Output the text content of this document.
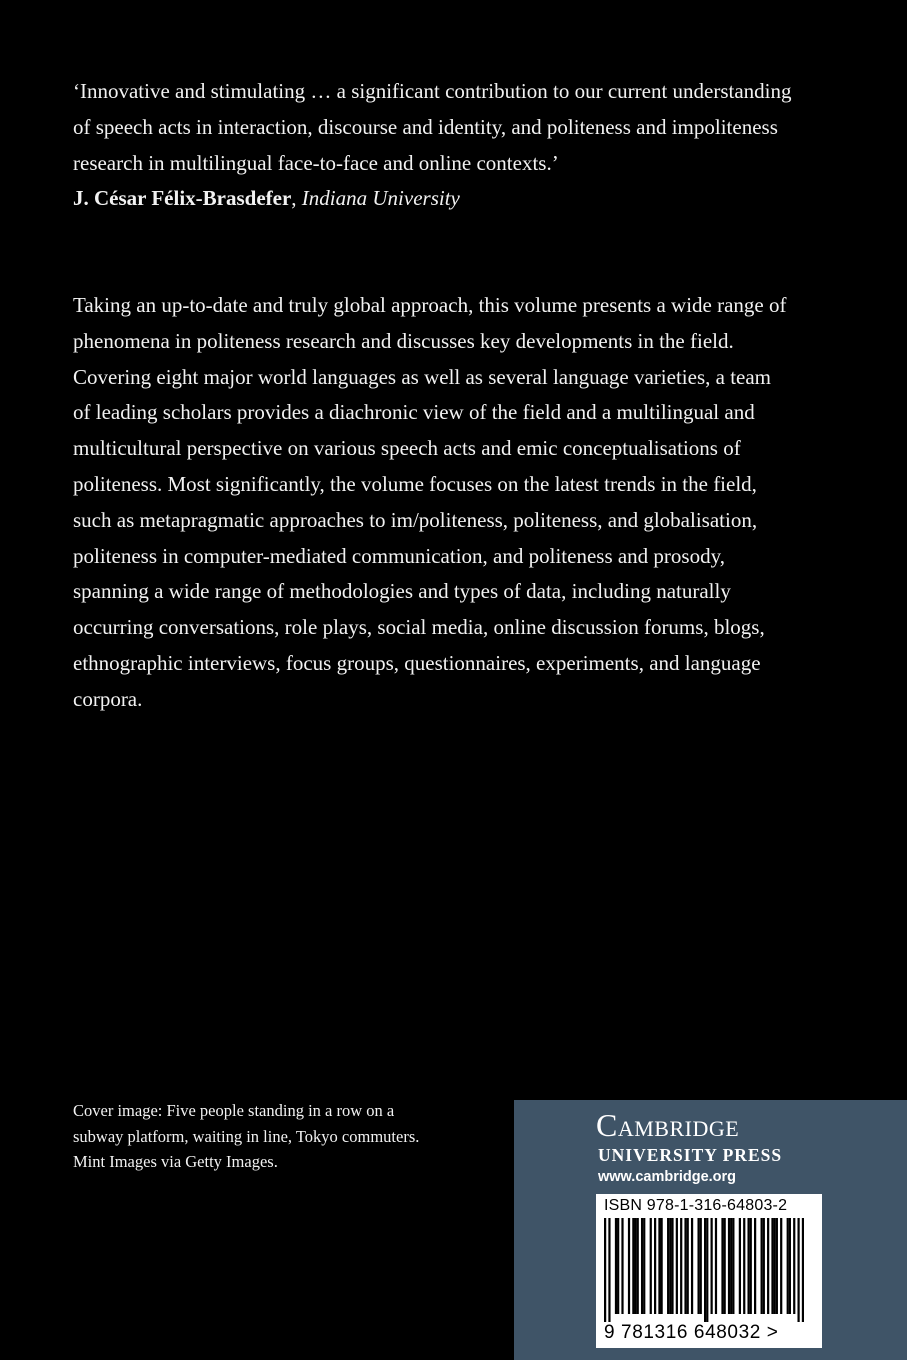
‘Innovative and stimulating … a significant contribution to our current understanding of speech acts in interaction, discourse and identity, and politeness and impoliteness research in multilingual face-to-face and online contexts.’

J. César Félix-Brasdefer, Indiana University

Taking an up-to-date and truly global approach, this volume presents a wide range of phenomena in politeness research and discusses key developments in the field. Covering eight major world languages as well as several language varieties, a team of leading scholars provides a diachronic view of the field and a multilingual and multicultural perspective on various speech acts and emic conceptualisations of politeness. Most significantly, the volume focuses on the latest trends in the field, such as metapragmatic approaches to im/politeness, politeness, and globalisation, politeness in computer-mediated communication, and politeness and prosody, spanning a wide range of methodologies and types of data, including naturally occurring conversations, role plays, social media, online discussion forums, blogs, ethnographic interviews, focus groups, questionnaires, experiments, and language corpora.

Cover image: Five people standing in a row on a subway platform, waiting in line, Tokyo commuters. Mint Images via Getty Images.

Cambridge
UNIVERSITY PRESS
www.cambridge.org
ISBN 978-1-316-64803-2
9 781316 648032 >
